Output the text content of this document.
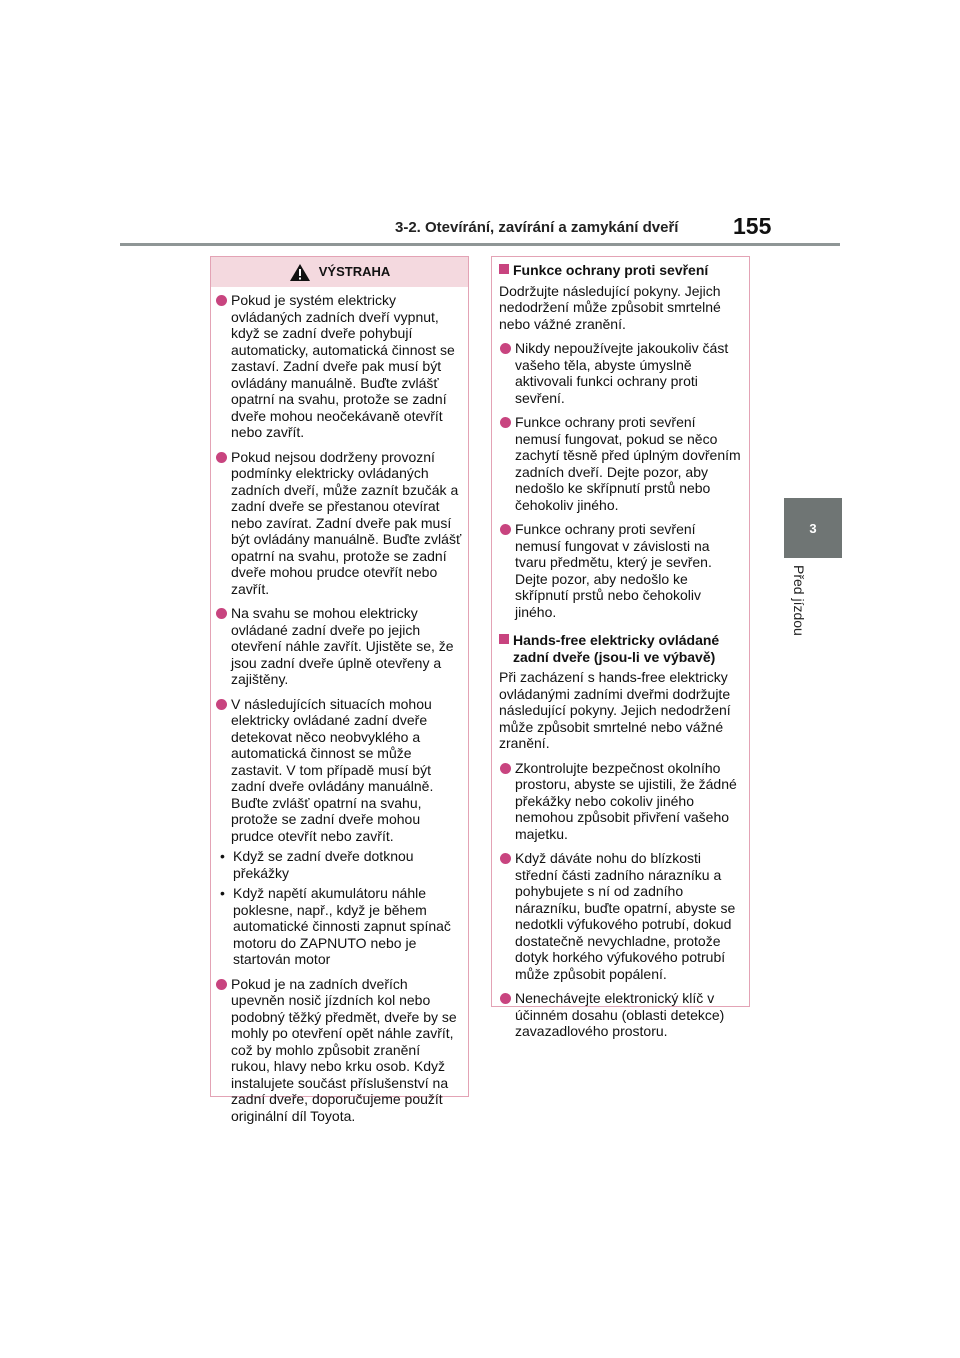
3-2. Otevírání, zavírání a zamykání dveří 155
3
Před jízdou
VÝSTRAHA
Pokud je systém elektricky ovládaných zadních dveří vypnut, když se zadní dveře pohybují automaticky, automatická činnost se zastaví. Zadní dveře pak musí být ovládány manuálně. Buďte zvlášť opatrní na svahu, protože se zadní dveře mohou neočekávaně otevřít nebo zavřít.
Pokud nejsou dodrženy provozní podmínky elektricky ovládaných zadních dveří, může zaznít bzučák a zadní dveře se přestanou otevírat nebo zavírat. Zadní dveře pak musí být ovládány manuálně. Buďte zvlášť opatrní na svahu, protože se zadní dveře mohou prudce otevřít nebo zavřít.
Na svahu se mohou elektricky ovládané zadní dveře po jejich otevření náhle zavřít. Ujistěte se, že jsou zadní dveře úplně otevřeny a zajištěny.
V následujících situacích mohou elektricky ovládané zadní dveře detekovat něco neobvyklého a automatická činnost se může zastavit. V tom případě musí být zadní dveře ovládány manuálně. Buďte zvlášť opatrní na svahu, protože se zadní dveře mohou prudce otevřít nebo zavřít.
• Když se zadní dveře dotknou překážky
• Když napětí akumulátoru náhle poklesne, např., když je během automatické činnosti zapnut spínač motoru do ZAPNUTO nebo je startován motor
Pokud je na zadních dveřích upevněn nosič jízdních kol nebo podobný těžký předmět, dveře by se mohly po otevření opět náhle zavřít, což by mohlo způsobit zranění rukou, hlavy nebo krku osob. Když instalujete součást příslušenství na zadní dveře, doporučujeme použít originální díl Toyota.
Funkce ochrany proti sevření
Dodržujte následující pokyny. Jejich nedodržení může způsobit smrtelné nebo vážné zranění.
Nikdy nepoužívejte jakoukoliv část vašeho těla, abyste úmyslně aktivovali funkci ochrany proti sevření.
Funkce ochrany proti sevření nemusí fungovat, pokud se něco zachytí těsně před úplným dovřením zadních dveří. Dejte pozor, aby nedošlo ke skřípnutí prstů nebo čehokoliv jiného.
Funkce ochrany proti sevření nemusí fungovat v závislosti na tvaru předmětu, který je sevřen. Dejte pozor, aby nedošlo ke skřípnutí prstů nebo čehokoliv jiného.
Hands-free elektricky ovládané zadní dveře (jsou-li ve výbavě)
Při zacházení s hands-free elektricky ovládanými zadními dveřmi dodržujte následující pokyny. Jejich nedodržení může způsobit smrtelné nebo vážné zranění.
Zkontrolujte bezpečnost okolního prostoru, abyste se ujistili, že žádné překážky nebo cokoliv jiného nemohou způsobit přivření vašeho majetku.
Když dáváte nohu do blízkosti střední části zadního nárazníku a pohybujete s ní od zadního nárazníku, buďte opatrní, abyste se nedotkli výfukového potrubí, dokud dostatečně nevychladne, protože dotyk horkého výfukového potrubí může způsobit popálení.
Nenechávejte elektronický klíč v účinném dosahu (oblasti detekce) zavazadlového prostoru.
